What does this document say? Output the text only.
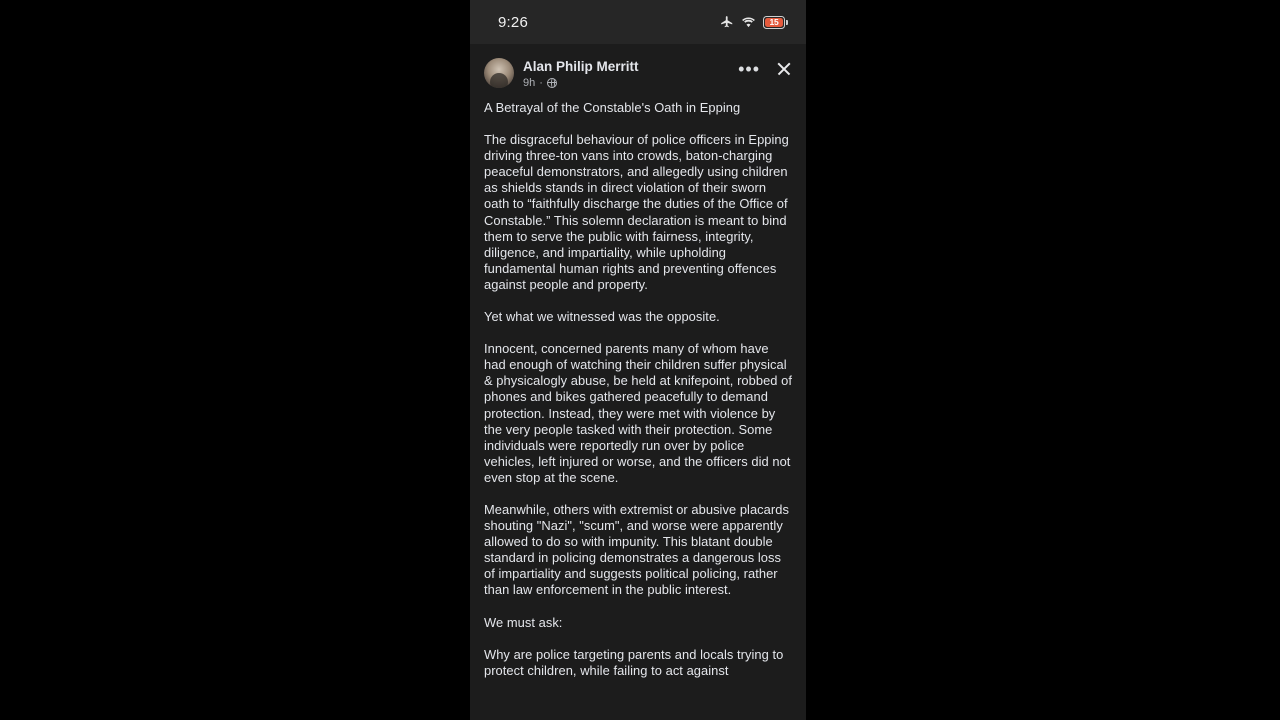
9:26	15
Alan Philip Merritt
9h ·
•••

A Betrayal of the Constable's Oath in Epping

The disgraceful behaviour of police officers in Epping driving three-ton vans into crowds, baton-charging peaceful demonstrators, and allegedly using children as shields stands in direct violation of their sworn oath to “faithfully discharge the duties of the Office of Constable.” This solemn declaration is meant to bind them to serve the public with fairness, integrity, diligence, and impartiality, while upholding fundamental human rights and preventing offences against people and property.

Yet what we witnessed was the opposite.

Innocent, concerned parents many of whom have had enough of watching their children suffer physical & physicalogly abuse, be held at knifepoint, robbed of phones and bikes gathered peacefully to demand protection. Instead, they were met with violence by the very people tasked with their protection. Some individuals were reportedly run over by police vehicles, left injured or worse, and the officers did not even stop at the scene.

Meanwhile, others with extremist or abusive placards shouting "Nazi", "scum", and worse were apparently allowed to do so with impunity. This blatant double standard in policing demonstrates a dangerous loss of impartiality and suggests political policing, rather than law enforcement in the public interest.

We must ask:

Why are police targeting parents and locals trying to protect children, while failing to act against
